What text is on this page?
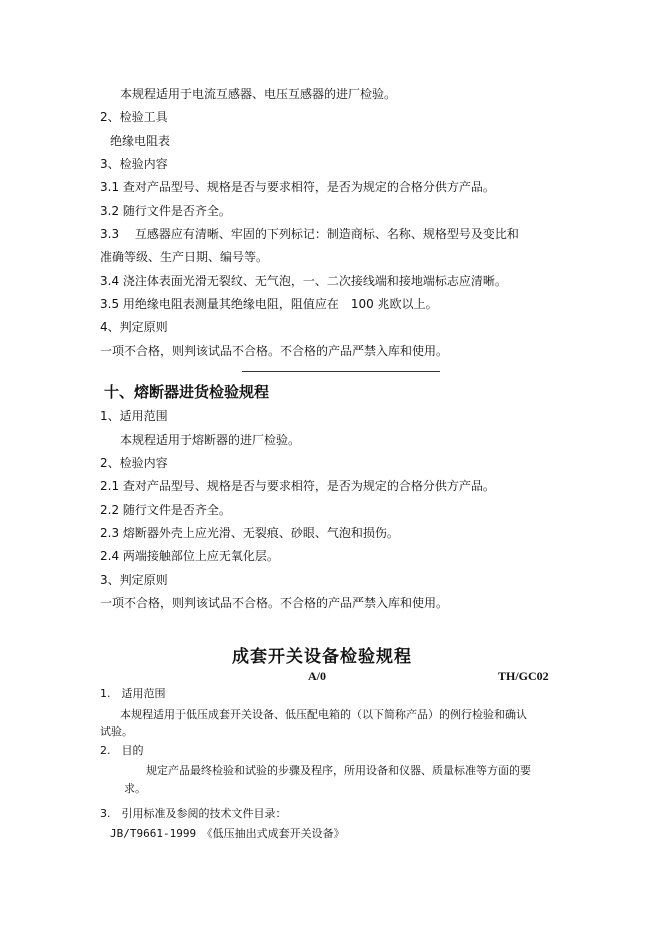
本规程适用于电流互感器、电压互感器的进厂检验。
2、检验工具
绝缘电阻表
3、检验内容
3.1 查对产品型号、规格是否与要求相符，是否为规定的合格分供方产品。
3.2 随行文件是否齐全。
3.3　 互感器应有清晰、牢固的下列标记：制造商标、名称、规格型号及变比和
准确等级、生产日期、编号等。
3.4 浇注体表面光滑无裂纹、无气泡，一、二次接线端和接地端标志应清晰。
3.5 用绝缘电阻表测量其绝缘电阻，阻值应在　100 兆欧以上。
4、判定原则
一项不合格，则判该试品不合格。不合格的产品严禁入库和使用。
十、熔断器进货检验规程
1、适用范围
本规程适用于熔断器的进厂检验。
2、检验内容
2.1 查对产品型号、规格是否与要求相符，是否为规定的合格分供方产品。
2.2 随行文件是否齐全。
2.3 熔断器外壳上应光滑、无裂痕、砂眼、气泡和损伤。
2.4 两端接触部位上应无氧化层。
3、判定原则
一项不合格，则判该试品不合格。不合格的产品严禁入库和使用。
成套开关设备检验规程
A/0	TH/GC02
1.　适用范围
本规程适用于低压成套开关设备、低压配电箱的（以下简称产品）的例行检验和确认
试验。
2.　目的
规定产品最终检验和试验的步骤及程序，所用设备和仪器、质量标准等方面的要
求。
3.　引用标准及参阅的技术文件目录：
JB/T9661-1999　《低压抽出式成套开关设备》
